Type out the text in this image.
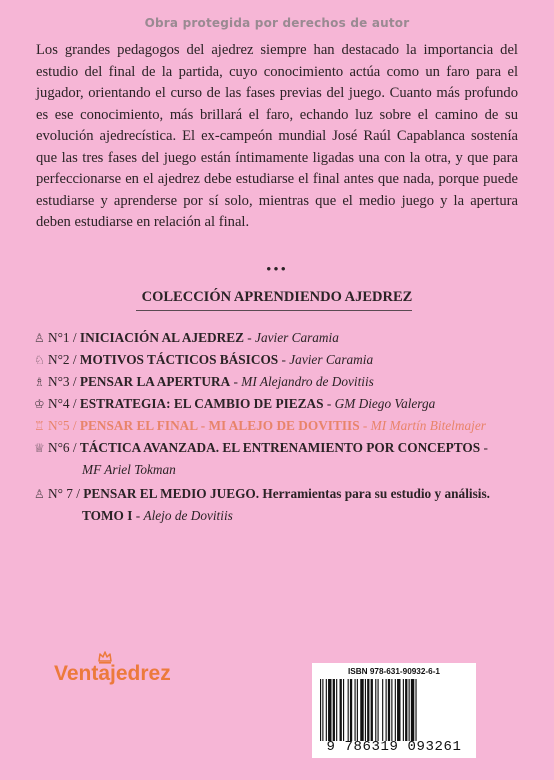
Obra protegida por derechos de autor

Los grandes pedagogos del ajedrez siempre han destacado la importancia del estudio del final de la partida, cuyo conocimiento actúa como un faro para el jugador, orientando el curso de las fases previas del juego. Cuanto más profundo es ese conocimiento, más brillará el faro, echando luz sobre el camino de su evolución ajedrecística. El ex-campeón mundial José Raúl Capablanca sostenía que las tres fases del juego están íntimamente ligadas una con la otra, y que para perfeccionarse en el ajedrez debe estudiarse el final antes que nada, porque puede estudiarse y aprenderse por sí solo, mientras que el medio juego y la apertura deben estudiarse en relación al final.

•••
COLECCIÓN APRENDIENDO AJEDREZ
♙ N°1 / INICIACIÓN AL AJEDREZ - Javier Caramia
♘ N°2 / MOTIVOS TÁCTICOS BÁSICOS - Javier Caramia
♗ N°3 / PENSAR LA APERTURA - MI Alejandro de Dovitiis
♔ N°4 / ESTRATEGIA: EL CAMBIO DE PIEZAS - GM Diego Valerga
♖ N°5 / PENSAR EL FINAL - MI ALEJO DE DOVITIIS - MI Martín Bitelmajer
♕ N°6 / TÁCTICA AVANZADA. EL ENTRENAMIENTO POR CONCEPTOS -
MF Ariel Tokman
♙ N° 7 / PENSAR EL MEDIO JUEGO. Herramientas para su estudio y análisis.
TOMO I - Alejo de Dovitiis
Ventajedrez	ISBN 978-631-90932-6-1
9 786319 093261
